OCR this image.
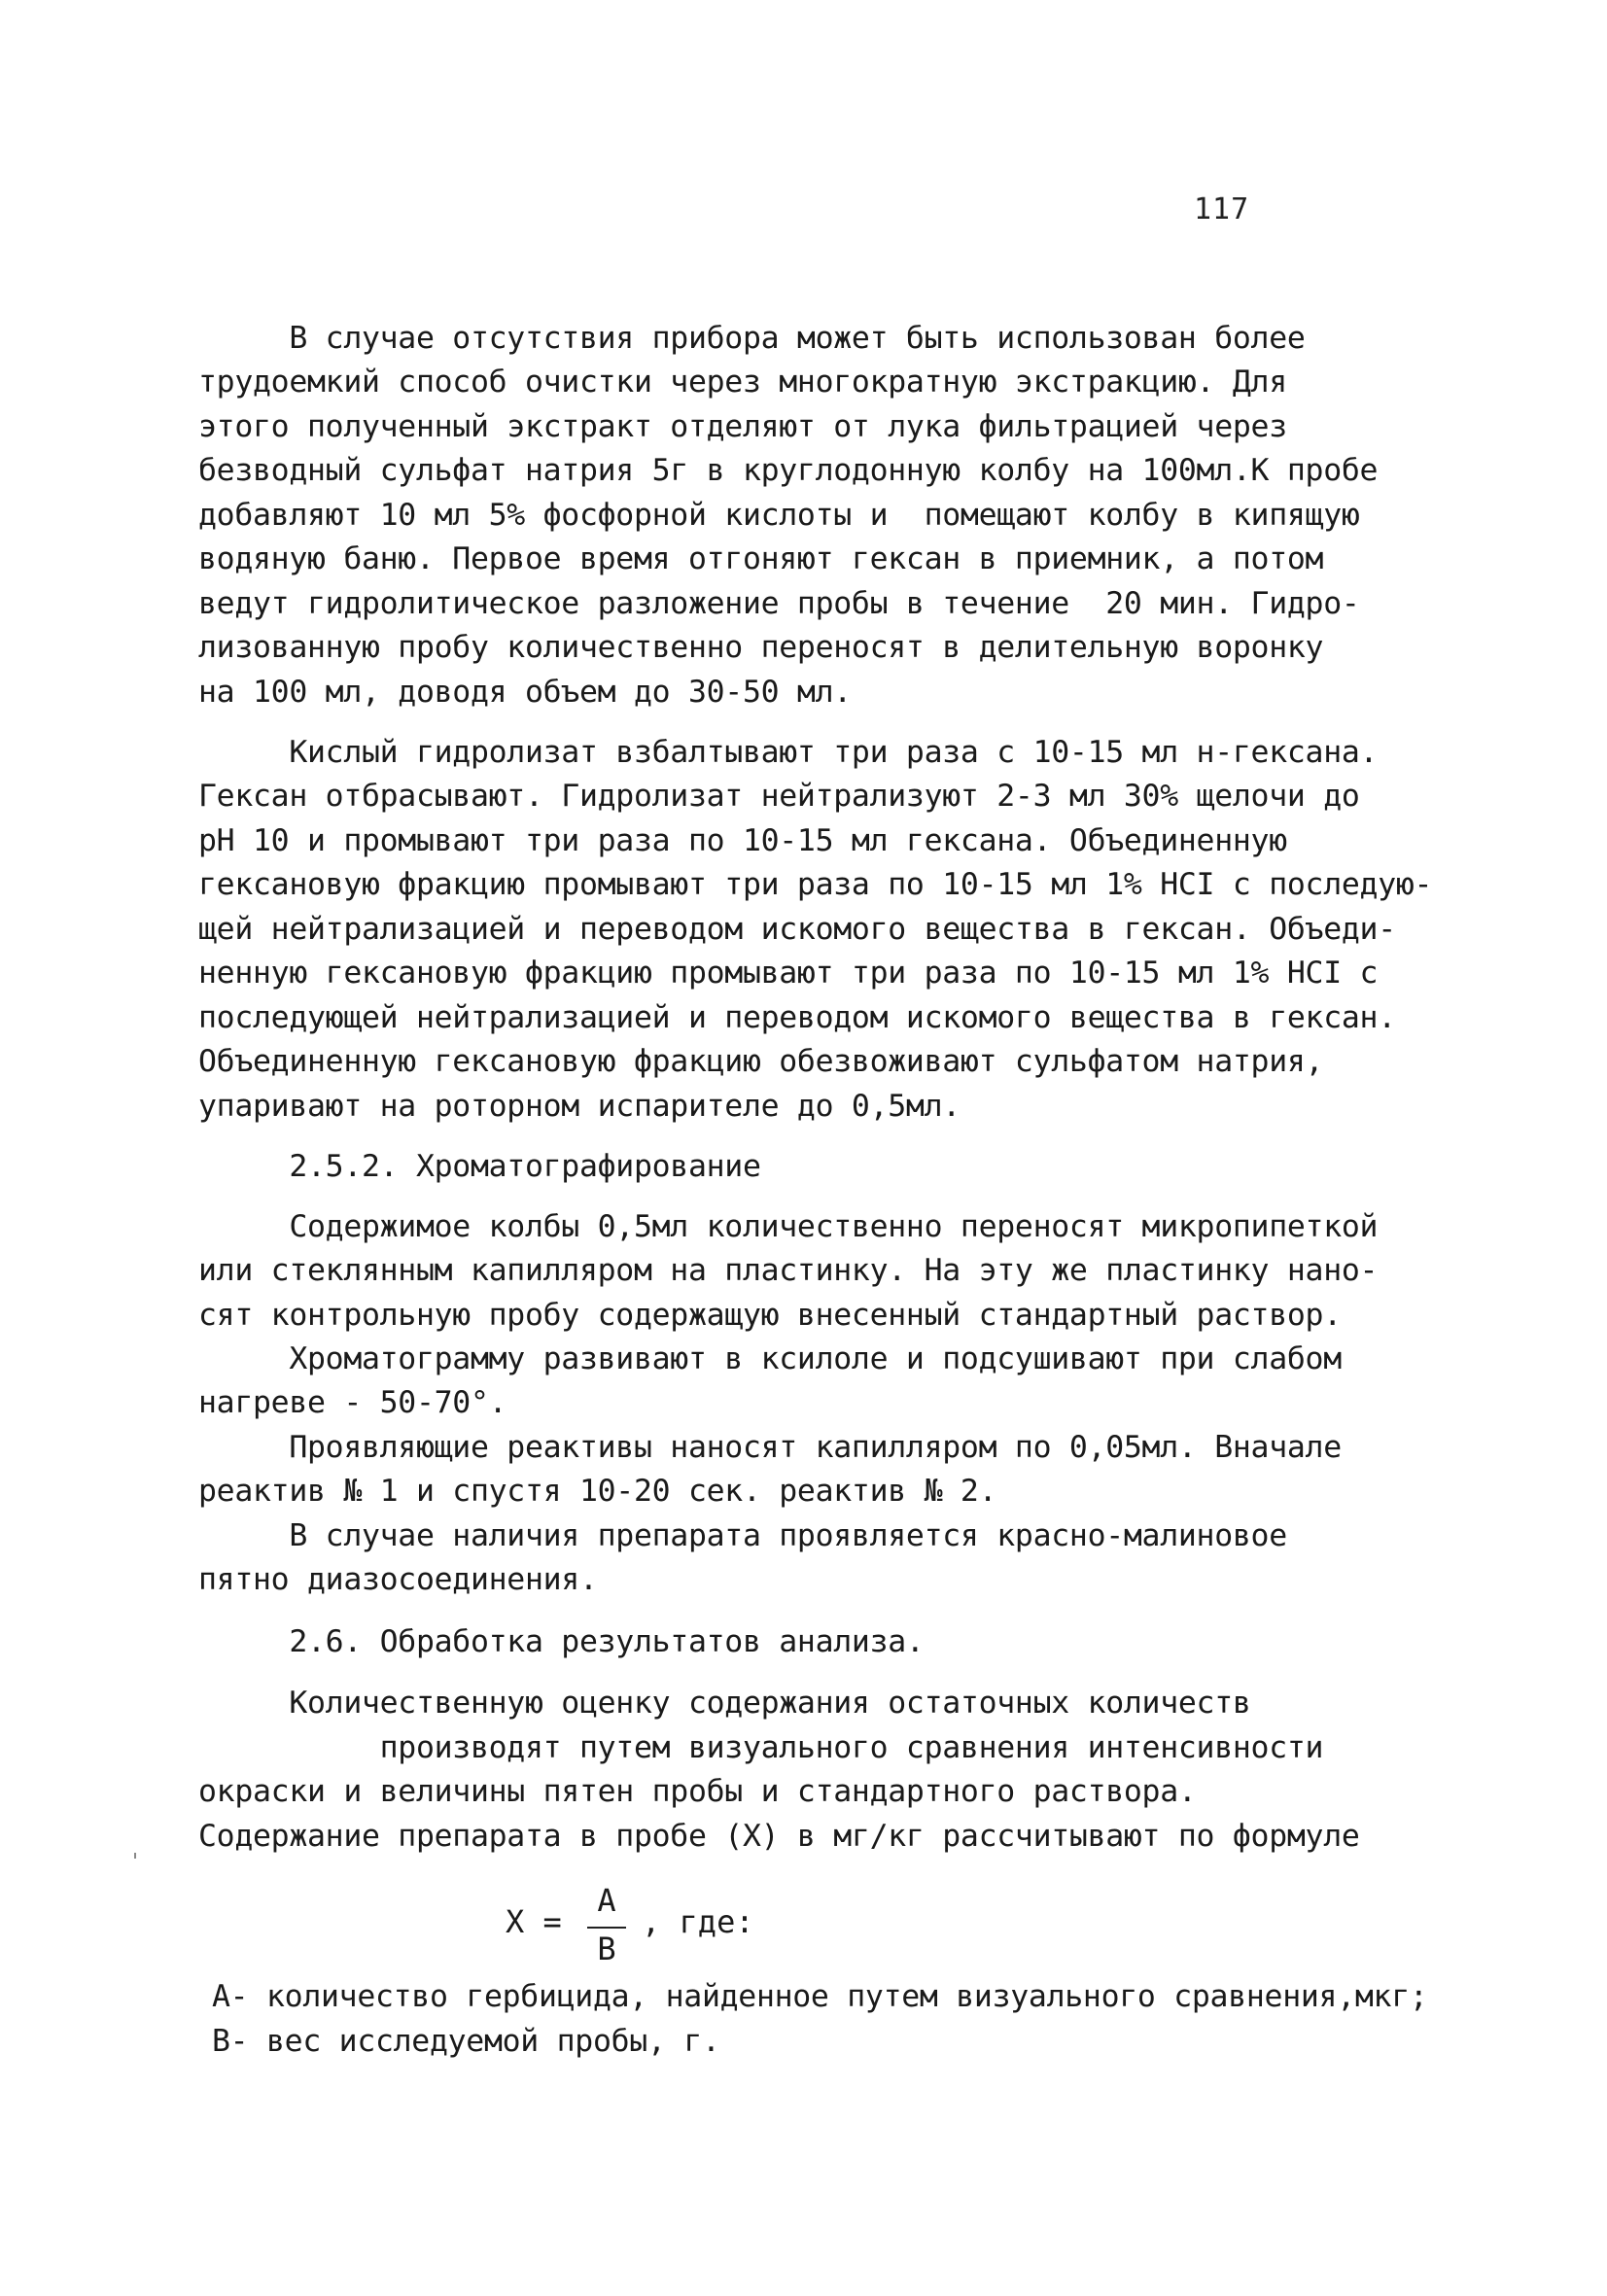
117
В случае отсутствия прибора может быть использован более
трудоемкий способ очистки через многократную экстракцию. Для
этого полученный экстракт отделяют от лука фильтрацией через
безводный сульфат натрия 5г в круглодонную колбу на 100мл.К пробе
добавляют 10 мл 5% фосфорной кислоты и  помещают колбу в кипящую
водяную баню. Первое время отгоняют гексан в приемник, а потом
ведут гидролитическое разложение пробы в течение  20 мин. Гидро-
лизованную пробу количественно переносят в делительную воронку
на 100 мл, доводя объем до 30-50 мл.
Кислый гидролизат взбалтывают три раза с 10-15 мл н-гексана.
Гексан отбрасывают. Гидролизат нейтрализуют 2-3 мл 30% щелочи до
pH 10 и промывают три раза по 10-15 мл гексана. Объединенную
гексановую фракцию промывают три раза по 10-15 мл 1% HCI с последую-
щей нейтрализацией и переводом искомого вещества в гексан. Объеди-
ненную гексановую фракцию промывают три раза по 10-15 мл 1% HCI с
последующей нейтрализацией и переводом искомого вещества в гексан.
Объединенную гексановую фракцию обезвоживают сульфатом натрия,
упаривают на роторном испарителе до 0,5мл.
2.5.2. Хроматографирование
Содержимое колбы 0,5мл количественно переносят микропипеткой
или стеклянным капилляром на пластинку. На эту же пластинку нано-
сят контрольную пробу содержащую внесенный стандартный раствор.
Хроматограмму развивают в ксилоле и подсушивают при слабом
нагреве - 50-70°.
Проявляющие реактивы наносят капилляром по 0,05мл. Вначале
реактив № 1 и спустя 10-20 сек. реактив № 2.
В случае наличия препарата проявляется красно-малиновое
пятно диазосоединения.
2.6. Обработка результатов анализа.
Количественную оценку содержания остаточных количеств
производят путем визуального сравнения интенсивности
окраски и величины пятен пробы и стандартного раствора.
Содержание препарата в пробе (X) в мг/кг рассчитывают по формуле
X =
A
B
, где:
A- количество гербицида, найденное путем визуального сравнения,мкг;
B- вес исследуемой пробы, г.
